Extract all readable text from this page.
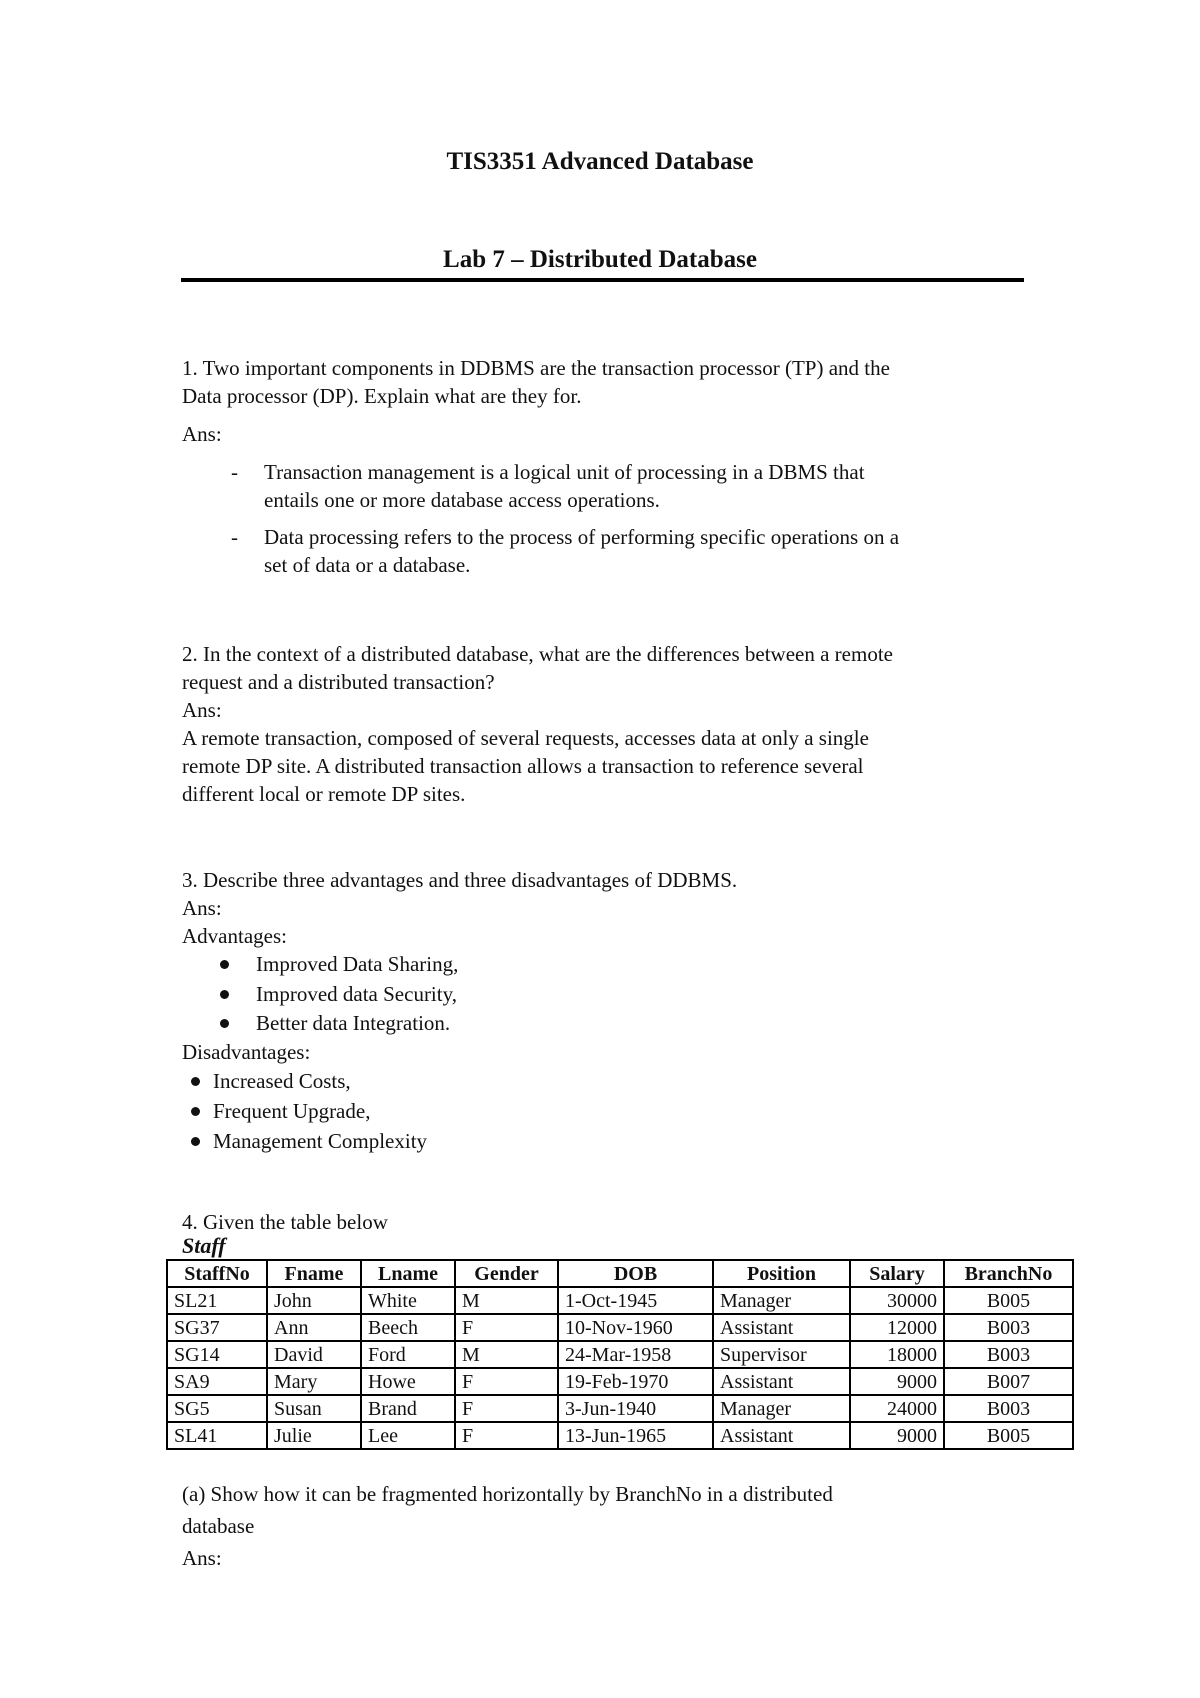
TIS3351 Advanced Database
Lab 7 – Distributed Database
1. Two important components in DDBMS are the transaction processor (TP) and the
Data processor (DP). Explain what are they for.
Ans:
- Transaction management is a logical unit of processing in a DBMS that
entails one or more database access operations.
- Data processing refers to the process of performing specific operations on a
set of data or a database.
2. In the context of a distributed database, what are the differences between a remote
request and a distributed transaction?
Ans:
A remote transaction, composed of several requests, accesses data at only a single
remote DP site. A distributed transaction allows a transaction to reference several
different local or remote DP sites.
3. Describe three advantages and three disadvantages of DDBMS.
Ans:
Advantages:
Improved Data Sharing,
Improved data Security,
Better data Integration.
Disadvantages:
Increased Costs,
Frequent Upgrade,
Management Complexity
4. Given the table below
Staff
StaffNo	Fname	Lname	Gender	DOB	Position	Salary	BranchNo
SL21	John	White	M	1-Oct-1945	Manager	30000	B005
SG37	Ann	Beech	F	10-Nov-1960	Assistant	12000	B003
SG14	David	Ford	M	24-Mar-1958	Supervisor	18000	B003
SA9	Mary	Howe	F	19-Feb-1970	Assistant	9000	B007
SG5	Susan	Brand	F	3-Jun-1940	Manager	24000	B003
SL41	Julie	Lee	F	13-Jun-1965	Assistant	9000	B005
(a) Show how it can be fragmented horizontally by BranchNo in a distributed
database
Ans:
